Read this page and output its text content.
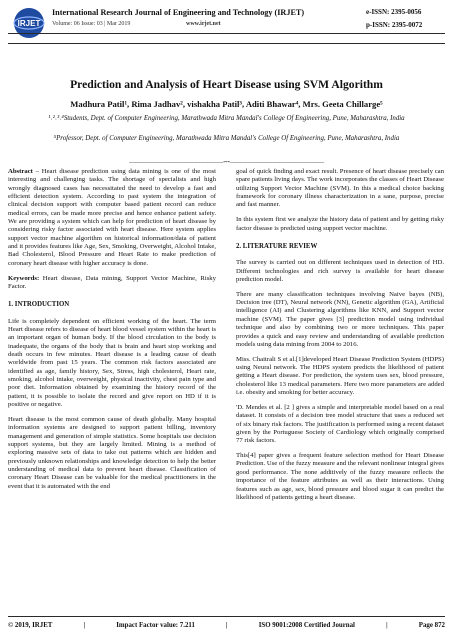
IRJET
International Research Journal of Engineering and Technology (IRJET)
Volume: 06 Issue: 03 | Mar 2019	www.irjet.net
e-ISSN: 2395-0056
p-ISSN: 2395-0072
Prediction and Analysis of Heart Disease using SVM Algorithm
Madhura Patil¹, Rima Jadhav², vishakha Patil³, Aditi Bhawar⁴, Mrs. Geeta Chillarge⁵
¹˒²˒³˒⁴Students, Dept. of Computer Engineering, Marathwada Mitra Mandal's College Of Engineering, Pune, Maharashtra, India
⁵Professor, Dept. of Computer Engineering, Marathwada Mitra Mandal's College Of Engineering, Pune, Maharashtra, India
---------------------------------------------------------------------***---------------------------------------------------------------------

Abstract – Heart disease prediction using data mining is one of the most interesting and challenging tasks. The shortage of specialists and high wrongly diagnosed cases has necessitated the need to develop a fast and efficient detection system. According to past system the integration of clinical decision support with computer based patient record can reduce medical errors, can be made more precise and hence enhance patient safety. We are providing a system which can help for prediction of heart disease by considering risky factor associated with heart disease. Here system applies support vector machine algorithm on historical information/data of patient and it provides features like Age, Sex, Smoking, Overweight, Alcohol Intake, Bad Cholesterol, Blood Pressure and Heart Rate to make prediction of coronary heart disease with higher accuracy is done.

Keywords: Heart disease, Data mining, Support Vector Machine, Risky Factor.

1. INTRODUCTION

Life is completely dependent on efficient working of the heart. The term Heart disease refers to disease of heart blood vessel system within the heart is an important organ of human body. If the blood circulation to the body is inadequate, the organs of the body that is brain and heart stop working and death occurs in few minutes. Heart disease is a leading cause of death worldwide from past 15 years. The common risk factors associated are identified as age, family history, Sex, Stress, high cholesterol, Heart rate, smoking, alcohol intake, overweight, physical inactivity, chest pain type and poor diet. Information obtained by examining the history record of the patient, it is possible to isolate the record and give report on HD if it is positive or negative.

Heart disease is the most common cause of death globally. Many hospital information systems are designed to support patient billing, inventory management and generation of simple statistics. Some hospitals use decision support systems, but they are largely limited. Mining is a method of exploring massive sets of data to take out patterns which are hidden and previously unknown relationships and knowledge detection to help the better understanding of medical data to prevent heart disease. Classification of coronary Heart Disease can be valuable for the medical practitioners in the event that it is automated with the end

goal of quick finding and exact result. Presence of heart disease precisely can spare patients living days. The work incorporates the classes of Heart Disease utilizing Support Vector Machine (SVM). In this a medical choice backing framework for coronary illness characterization in a sane, purpose, precise and fast manner.

In this system first we analyze the history data of patient and by getting risky factor disease is predicted using support vector machine.

2. LITERATURE REVIEW

The survey is carried out on different techniques used in detection of HD. Different technologies and rich survey is available for heart disease prediction model.

There are many classification techniques involving Naive bayes (NB), Decision tree (DT), Neural network (NN), Genetic algorithm (GA), Artificial intelligence (AI) and Clustering algorithms like KNN, and Support vector machine (SVM). The paper gives [3] prediction model using individual technique and also by combining two or more techniques. This paper provides a quick and easy review and understanding of available prediction models using data mining from 2004 to 2016.

Miss. Chaitrali S et al.[1]developed Heart Disease Prediction System (HDPS) using Neural network. The HDPS system predicts the likelihood of patient getting a Heart disease. For prediction, the system uses sex, blood pressure, cholesterol like 13 medical parameters. Here two more parameters are added i.e. obesity and smoking for better accuracy.

'D. Mendes et al. [2 ] gives a simple and interpretable model based on a real dataset. It consists of a decision tree model structure that uses a reduced set of six binary risk factors. The justification is performed using a recent dataset given by the Portuguese Society of Cardiology which originally comprised 77 risk factors.

This[4] paper gives a frequent feature selection method for Heart Disease Prediction. Use of the fuzzy measure and the relevant nonlinear integral gives good performance. The none additively of the fuzzy measure reflects the importance of the feature attributes as well as their interactions. Using features such as age, sex, blood pressure and blood sugar it can predict the likelihood of patients getting a heart disease.

© 2019, IRJET	|	Impact Factor value: 7.211	|	ISO 9001:2008 Certified Journal	|	Page 872
